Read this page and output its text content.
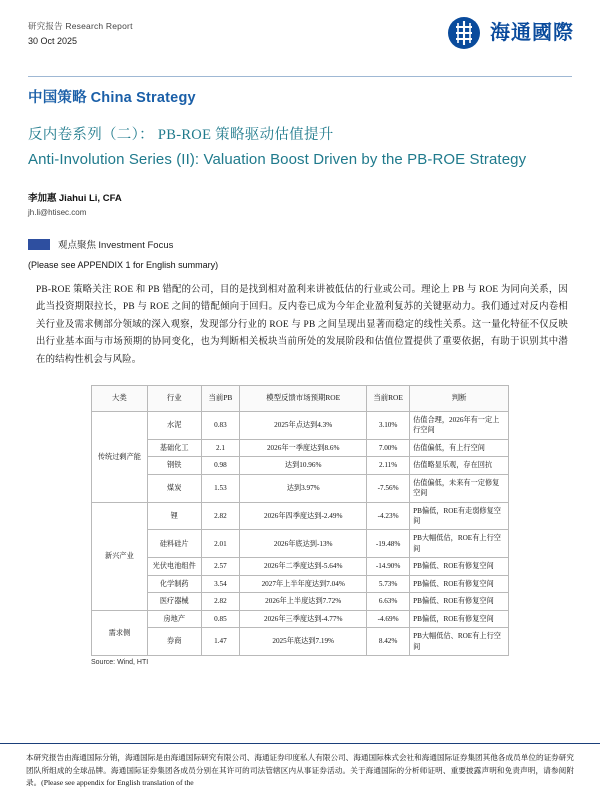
研究报告 Research Report
30 Oct 2025	海通國際
中国策略 China Strategy
反内卷系列（二）： PB-ROE 策略驱动估值提升
Anti-Involution Series (II): Valuation Boost Driven by the PB-ROE Strategy
李加惠 Jiahui Li, CFA
jh.li@htisec.com
观点聚焦 Investment Focus
(Please see APPENDIX 1 for English summary)
PB-ROE 策略关注 ROE 和 PB 错配的公司，目的是找到相对盈利来讲被低估的行业或公司。理论上 PB 与 ROE 为同向关系，因此当投资期限拉长，PB 与 ROE 之间的错配倾向于回归。反内卷已成为今年企业盈利复苏的关键驱动力。我们通过对反内卷相关行业及需求侧部分领域的深入观察，发现部分行业的 ROE 与 PB 之间呈现出显著而稳定的线性关系。这一量化特征不仅反映出行业基本面与市场预期的协同变化，也为判断相关板块当前所处的发展阶段和估值位置提供了重要依据，有助于识别其中潜在的结构性机会与风险。
大类	行业	当前PB	模型反馈市场预期ROE	当前ROE	判断
传统过剩产能	水泥	0.83	2025年点达到4.3%	3.10%	估值合理，2026年有一定上行空间
	基础化工	2.1	2026年一季度达到8.6%	7.00%	估值偏低，有上行空间
	钢铁	0.98	达到10.96%	2.11%	估值略显乐观，存在回抗
	煤炭	1.53	达到3.97%	-7.56%	估值偏低，未来有一定修复空间
新兴产业	锂	2.82	2026年四季度达到-2.49%	-4.23%	PB偏低，ROE有走弱修复空间
	硅料硅片	2.01	2026年底达到-13%	-19.48%	PB大幅低估，ROE有上行空间
	光伏电池组件	2.57	2026年二季度达到-5.64%	-14.90%	PB偏低、ROE有修复空间
	化学制药	3.54	2027年上半年度达到7.04%	5.73%	PB偏低、ROE有修复空间
	医疗器械	2.82	2026年上半度达到7.72%	6.63%	PB偏低、ROE有修复空间
需求侧	房地产	0.85	2026年三季度达到-4.77%	-4.69%	PB偏低，ROE有修复空间
	券商	1.47	2025年底达到7.19%	8.42%	PB大幅低估、ROE有上行空间
Source: Wind, HTI
本研究报告由海通国际分销，海通国际是由海通国际研究有限公司、海通证券印度私人有限公司、海通国际株式会社和海通国际证券集团其他各成员单位的证券研究团队所组成的全球品牌。海通国际证券集团各成员分别在其许可的司法管辖区内从事证券活动。关于海通国际的分析师证明、重要披露声明和免责声明，请参阅附录。(Please see appendix for English translation of the
